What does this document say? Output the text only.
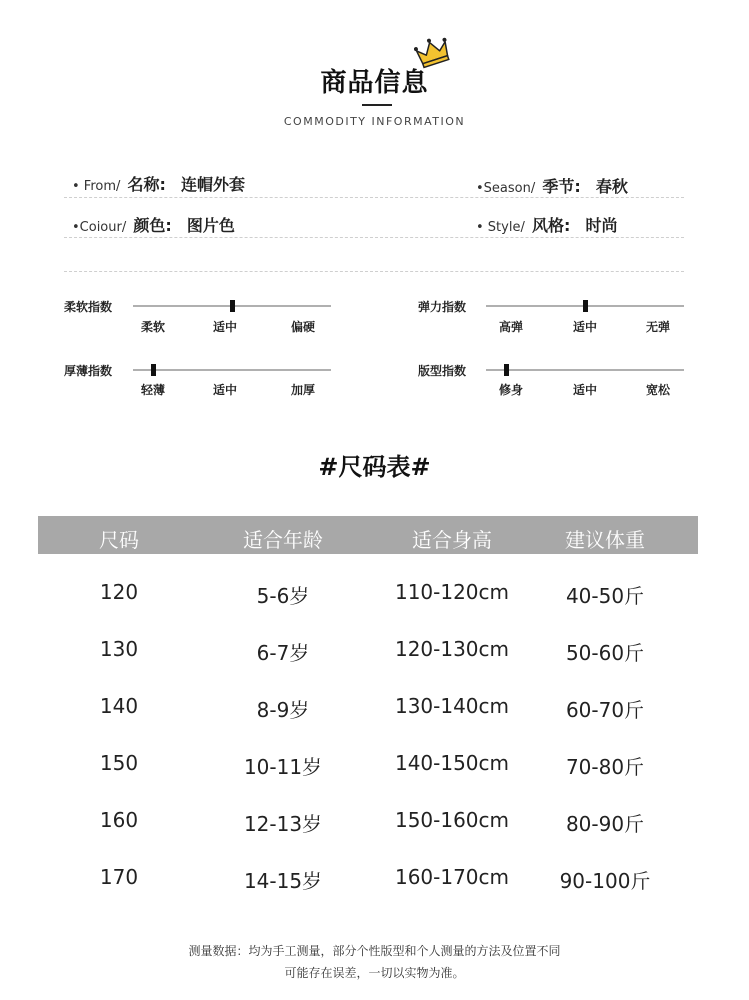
商品信息
COMMODITY INFORMATION
• From/ 名称: 连帽外套	•Season/ 季节: 春秋
•Coiour/ 颜色: 图片色	• Style/ 风格: 时尚
柔软指数
柔软	适中	偏硬
弹力指数
高弹	适中	无弹
厚薄指数
轻薄	适中	加厚
版型指数
修身	适中	宽松
#尺码表#
尺码	适合年龄	适合身高	建议体重
120	5-6岁	110-120cm	40-50斤
130	6-7岁	120-130cm	50-60斤
140	8-9岁	130-140cm	60-70斤
150	10-11岁	140-150cm	70-80斤
160	12-13岁	150-160cm	80-90斤
170	14-15岁	160-170cm	90-100斤
测量数据：均为手工测量，部分个性版型和个人测量的方法及位置不同
可能存在误差，一切以实物为准。
